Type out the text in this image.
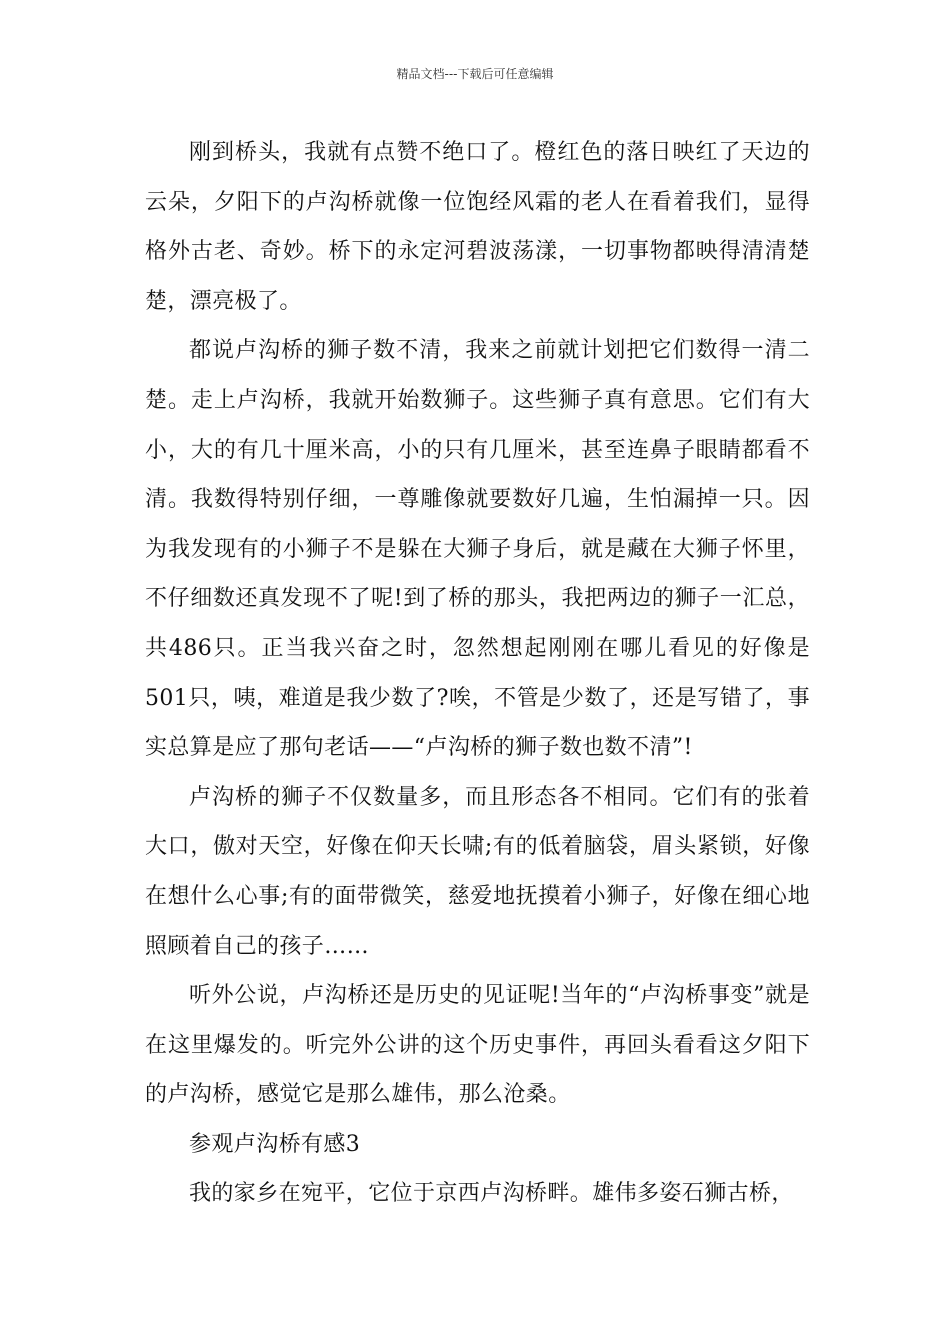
精品文档---下载后可任意编辑

刚到桥头，我就有点赞不绝口了。橙红色的落日映红了天边的云朵，夕阳下的卢沟桥就像一位饱经风霜的老人在看着我们，显得格外古老、奇妙。桥下的永定河碧波荡漾，一切事物都映得清清楚楚，漂亮极了。

都说卢沟桥的狮子数不清，我来之前就计划把它们数得一清二楚。走上卢沟桥，我就开始数狮子。这些狮子真有意思。它们有大小，大的有几十厘米高，小的只有几厘米，甚至连鼻子眼睛都看不清。我数得特别仔细，一尊雕像就要数好几遍，生怕漏掉一只。因为我发现有的小狮子不是躲在大狮子身后，就是藏在大狮子怀里，不仔细数还真发现不了呢!到了桥的那头，我把两边的狮子一汇总，共486只。正当我兴奋之时，忽然想起刚刚在哪儿看见的好像是501只，咦，难道是我少数了?唉，不管是少数了，还是写错了，事实总算是应了那句老话——“卢沟桥的狮子数也数不清”!

卢沟桥的狮子不仅数量多，而且形态各不相同。它们有的张着大口，傲对天空，好像在仰天长啸;有的低着脑袋，眉头紧锁，好像在想什么心事;有的面带微笑，慈爱地抚摸着小狮子，好像在细心地照顾着自己的孩子……

听外公说，卢沟桥还是历史的见证呢!当年的“卢沟桥事变”就是在这里爆发的。听完外公讲的这个历史事件，再回头看看这夕阳下的卢沟桥，感觉它是那么雄伟，那么沧桑。

参观卢沟桥有感3

我的家乡在宛平，它位于京西卢沟桥畔。雄伟多姿石狮古桥，
